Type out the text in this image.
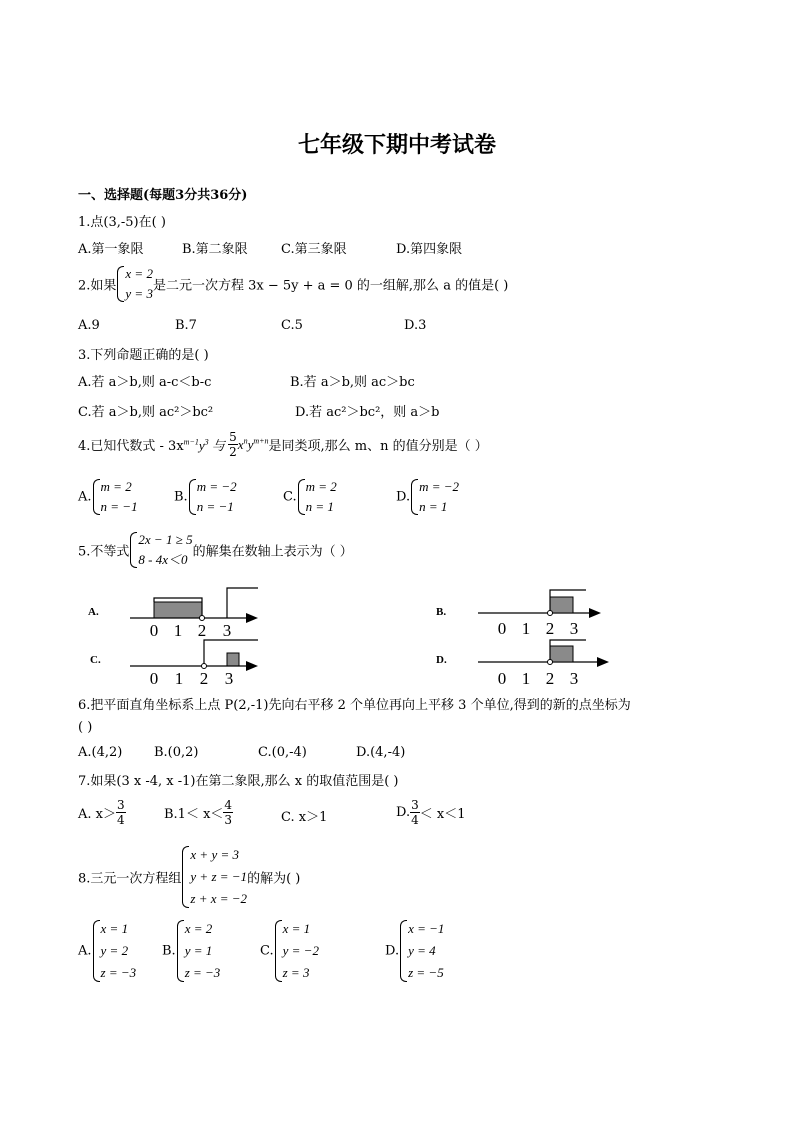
七年级下期中考试卷
一、选择题(每题3分共36分)
1.点(3,-5)在( )
A.第一象限	B.第二象限	C.第三象限	D.第四象限
2.如果
x = 2
y = 3 是二元一次方程 3x − 5y + a = 0 的一组解,那么 a 的值是( )
A.9	B.7	C.5	D.3
3.下列命题正确的是( )
A.若 a＞b,则 a-c＜b-c	B.若 a＞b,则 ac＞bc
C.若 a＞b,则 ac²＞bc²	D.若 ac²＞bc²，则 a＞b
4.已知代数式 - $3x^{m-1}y^3$ 与 $\frac{5}{2} x^ny^{m+n}$是同类项,那么 m、n 的值分别是（ ）
A.
m = 2
n = −1
B.
m = −2
n = −1
C.
m = 2
n = 1
D.
m = −2
n = 1
5.不等式
2x − 1 ≥ 5
8 - 4x＜0 的解集在数轴上表示为（ ）
A.
0 1 2 3
B.
0 1 2 3
C.
0 1 2 3
D.
0 1 2 3
6.把平面直角坐标系上点 P(2,-1)先向右平移 2 个单位再向上平移 3 个单位,得到的新的点坐标为
( )
A.(4,2) B.(0,2)	C.(0,-4)	D.(4,-4)
7.如果(3 x -4, x -1)在第二象限,那么 x 的取值范围是( )
A. $x> \frac{3}{4}$	$B.1< x< \frac{4}{3}$	C. x＞1	D. $\frac{3}{4} < x<1$
8.三元一次方程组
x + y = 3
y + z = −1
z + x = −2
的解为( )
A.
x = 1
y = 2
z = −3
B.
x = 2
y = 1
z = −3
C.
x = 1
y = −2
z = 3
D.
x = −1
y = 4
z = −5
